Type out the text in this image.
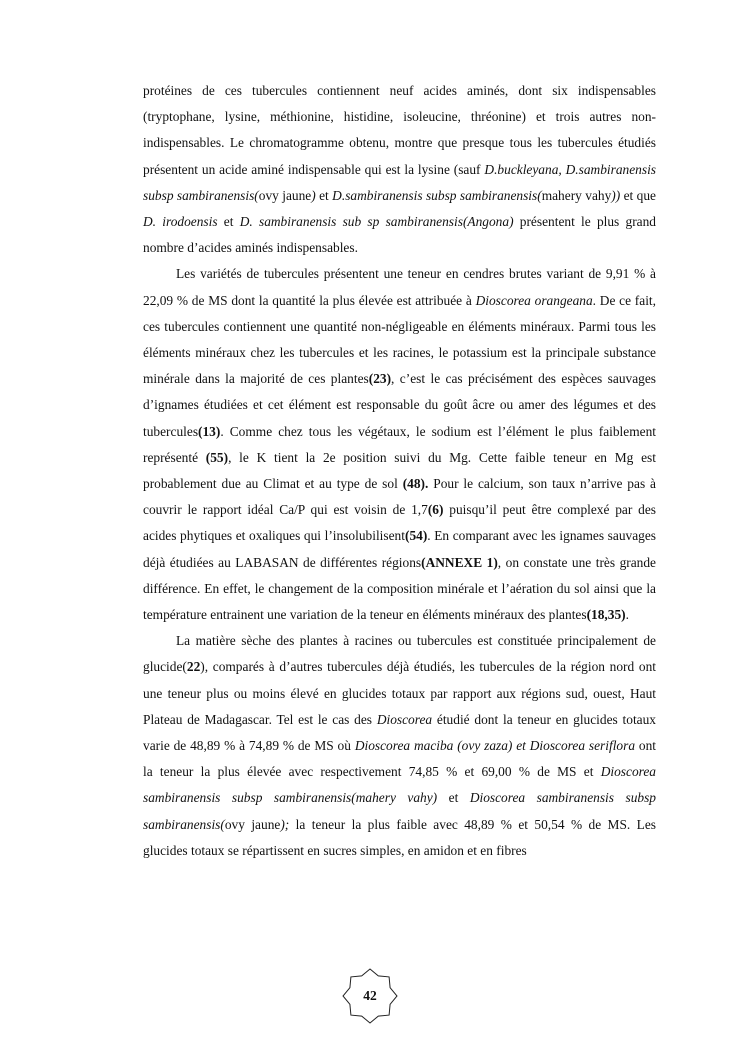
protéines de ces tubercules contiennent neuf acides aminés, dont six indispensables (tryptophane, lysine, méthionine, histidine, isoleucine, thréonine) et trois autres non-indispensables. Le chromatogramme obtenu, montre que presque tous les tubercules étudiés présentent un acide aminé indispensable qui est la lysine (sauf D.buckleyana, D.sambiranensis subsp sambiranensis(ovy jaune) et D.sambiranensis subsp sambiranensis(mahery vahy)) et que D. irodoensis et D. sambiranensis sub sp sambiranensis(Angona) présentent le plus grand nombre d’acides aminés indispensables.

Les variétés de tubercules présentent une teneur en cendres brutes variant de 9,91 % à 22,09 % de MS dont la quantité la plus élevée est attribuée à Dioscorea orangeana. De ce fait, ces tubercules contiennent une quantité non-négligeable en éléments minéraux. Parmi tous les éléments minéraux chez les tubercules et les racines, le potassium est la principale substance minérale dans la majorité de ces plantes(23), c’est le cas précisément des espèces sauvages d’ignames étudiées et cet élément est responsable du goût âcre ou amer des légumes et des tubercules(13). Comme chez tous les végétaux, le sodium est l’élément le plus faiblement représenté (55), le K tient la 2e position suivi du Mg. Cette faible teneur en Mg est probablement due au Climat et au type de sol (48). Pour le calcium, son taux n’arrive pas à couvrir le rapport idéal Ca/P qui est voisin de 1,7(6) puisqu’il peut être complexé par des acides phytiques et oxaliques qui l’insolubilisent(54). En comparant avec les ignames sauvages déjà étudiées au LABASAN de différentes régions(ANNEXE 1), on constate une très grande différence. En effet, le changement de la composition minérale et l’aération du sol ainsi que la température entrainent une variation de la teneur en éléments minéraux des plantes(18,35).

La matière sèche des plantes à racines ou tubercules est constituée principalement de glucide(22), comparés à d’autres tubercules déjà étudiés, les tubercules de la région nord ont une teneur plus ou moins élevé en glucides totaux par rapport aux régions sud, ouest, Haut Plateau de Madagascar. Tel est le cas des Dioscorea étudié dont la teneur en glucides totaux varie de 48,89 % à 74,89 % de MS où Dioscorea maciba (ovy zaza) et Dioscorea seriflora ont la teneur la plus élevée avec respectivement 74,85 % et 69,00 % de MS et Dioscorea sambiranensis subsp sambiranensis(mahery vahy) et Dioscorea sambiranensis subsp sambiranensis(ovy jaune); la teneur la plus faible avec 48,89 % et 50,54 % de MS. Les glucides totaux se répartissent en sucres simples, en amidon et en fibres

42
